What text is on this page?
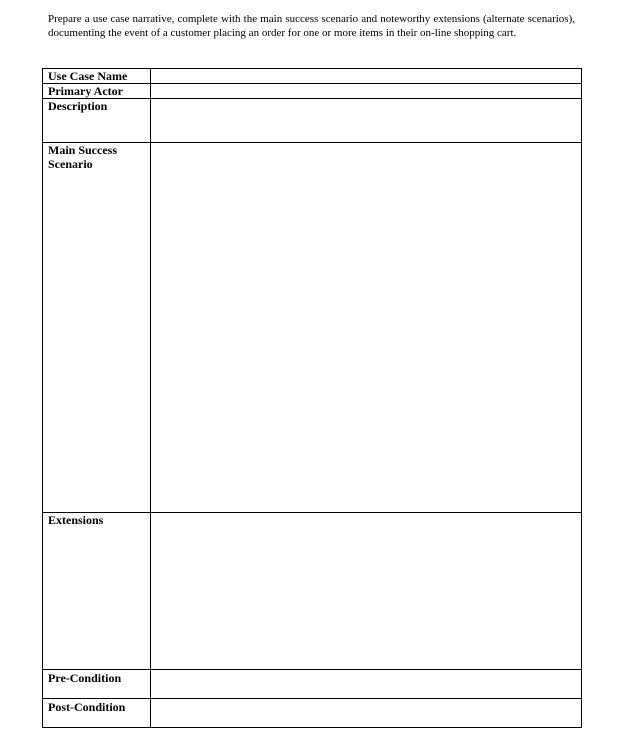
Prepare a use case narrative, complete with the main success scenario and noteworthy extensions (alternate scenarios), documenting the event of a customer placing an order for one or more items in their on-line shopping cart.

Use Case Name	

Primary Actor	

Description	

Main Success Scenario	

Extensions	

Pre-Condition	

Post-Condition	
